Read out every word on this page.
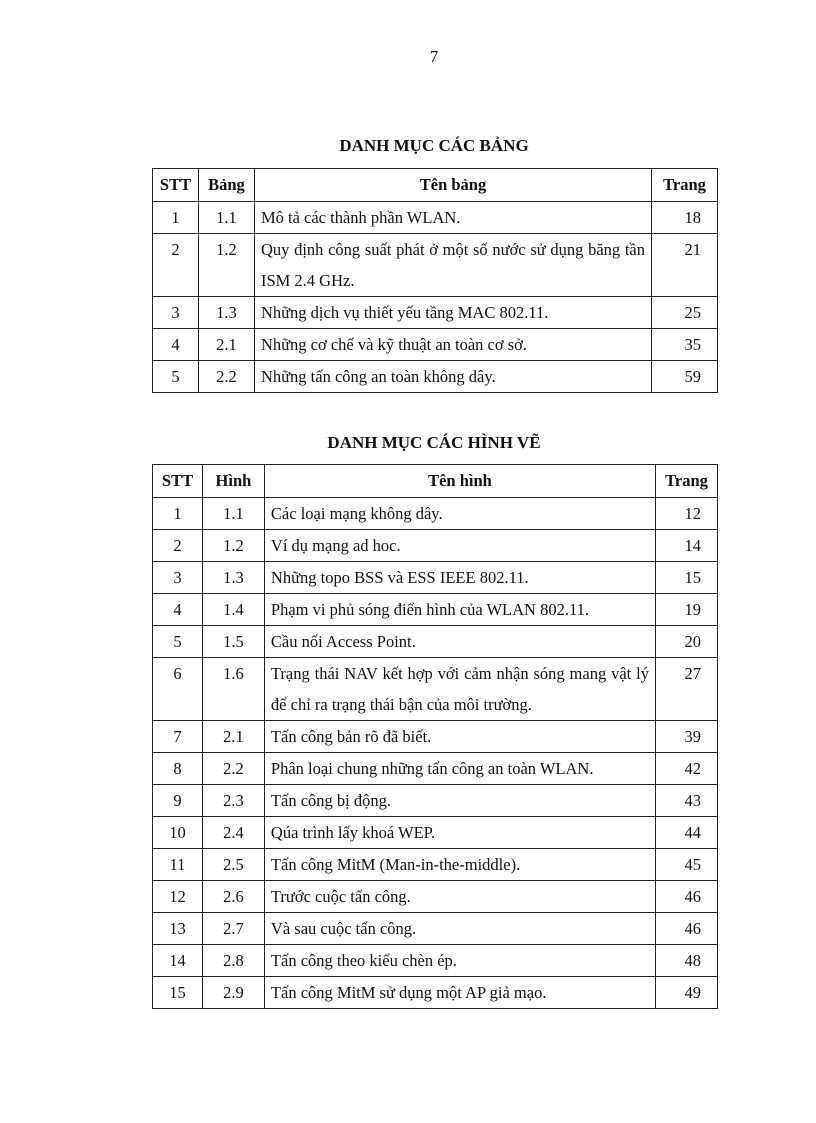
7
DANH MỤC CÁC BẢNG
STT	Bảng	Tên bảng	Trang
1	1.1	Mô tả các thành phần WLAN.	18
2	1.2	Quy định công suất phát ở một số nước sử dụng băng tần ISM 2.4 GHz.	21
3	1.3	Những dịch vụ thiết yếu tầng MAC 802.11.	25
4	2.1	Những cơ chế và kỹ thuật an toàn cơ sở.	35
5	2.2	Những tấn công an toàn không dây.	59
DANH MỤC CÁC HÌNH VẼ
STT	Hình	Tên hình	Trang
1	1.1	Các loại mạng không dây.	12
2	1.2	Ví dụ mạng ad hoc.	14
3	1.3	Những topo BSS và ESS IEEE 802.11.	15
4	1.4	Phạm vi phủ sóng điển hình của WLAN 802.11.	19
5	1.5	Cầu nối Access Point.	20
6	1.6	Trạng thái NAV kết hợp với cảm nhận sóng mang vật lý để chỉ ra trạng thái bận của môi trường.	27
7	2.1	Tấn công bản rõ đã biết.	39
8	2.2	Phân loại chung những tấn công an toàn WLAN.	42
9	2.3	Tấn công bị động.	43
10	2.4	Qúa trình lấy khoá WEP.	44
11	2.5	Tấn công MitM (Man-in-the-middle).	45
12	2.6	Trước cuộc tấn công.	46
13	2.7	Và sau cuộc tấn công.	46
14	2.8	Tấn công theo kiểu chèn ép.	48
15	2.9	Tấn công MitM sử dụng một AP giả mạo.	49
